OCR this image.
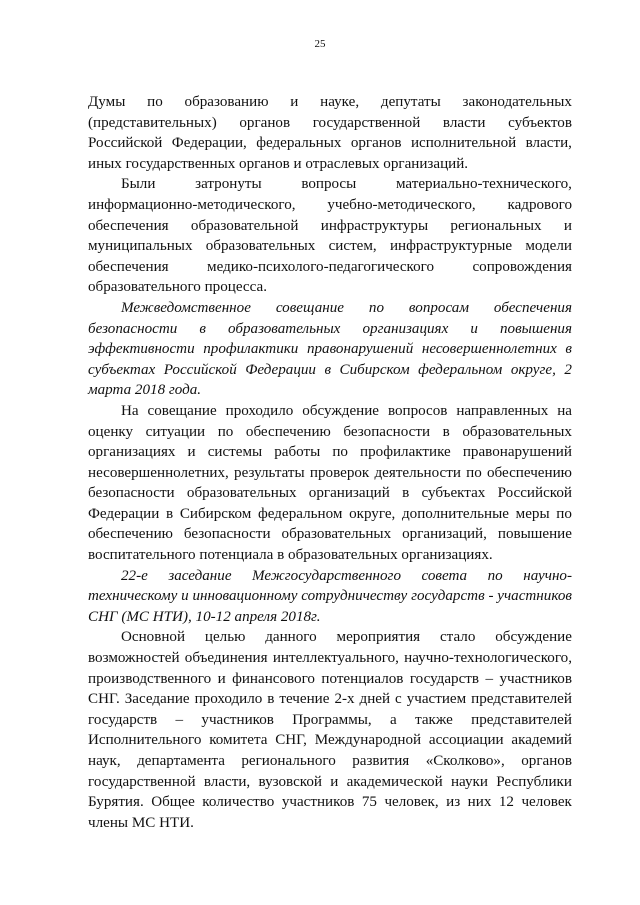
25
Думы по образованию и науке, депутаты законодательных
(представительных) органов государственной власти субъектов
Российской Федерации, федеральных органов исполнительной власти,
иных государственных органов и отраслевых организаций.
Были	затронуты	вопросы	материально-технического,
информационно-методического, учебно-методического, кадрового
обеспечения образовательной инфраструктуры региональных и
муниципальных образовательных систем, инфраструктурные модели
обеспечения	медико-психолого-педагогического	сопровождения
образовательного процесса.
Межведомственное совещание по вопросам обеспечения
безопасности в образовательных организациях и повышения
эффективности профилактики правонарушений несовершеннолетних в
субъектах Российской Федерации в Сибирском федеральном округе, 2
марта 2018 года.
На совещание проходило обсуждение вопросов направленных на
оценку ситуации по обеспечению безопасности в образовательных
организациях и системы работы по профилактике правонарушений
несовершеннолетних, результаты проверок деятельности по обеспечению
безопасности образовательных организаций в субъектах Российской
Федерации в Сибирском федеральном округе, дополнительные меры по
обеспечению безопасности образовательных организаций, повышение
воспитательного потенциала в образовательных организациях.
22-е заседание Межгосударственного совета по научно-
техническому и инновационному сотрудничеству государств - участников
СНГ (МС НТИ), 10-12 апреля 2018г.
Основной целью данного мероприятия стало обсуждение
возможностей объединения интеллектуального, научно-технологического,
производственного и финансового потенциалов государств – участников
СНГ. Заседание проходило в течение 2-х дней с участием представителей
государств – участников Программы, а также представителей
Исполнительного комитета СНГ, Международной ассоциации академий
наук, департамента регионального развития «Сколково», органов
государственной власти, вузовской и академической науки Республики
Бурятия. Общее количество участников 75 человек, из них 12 человек
члены МС НТИ.
